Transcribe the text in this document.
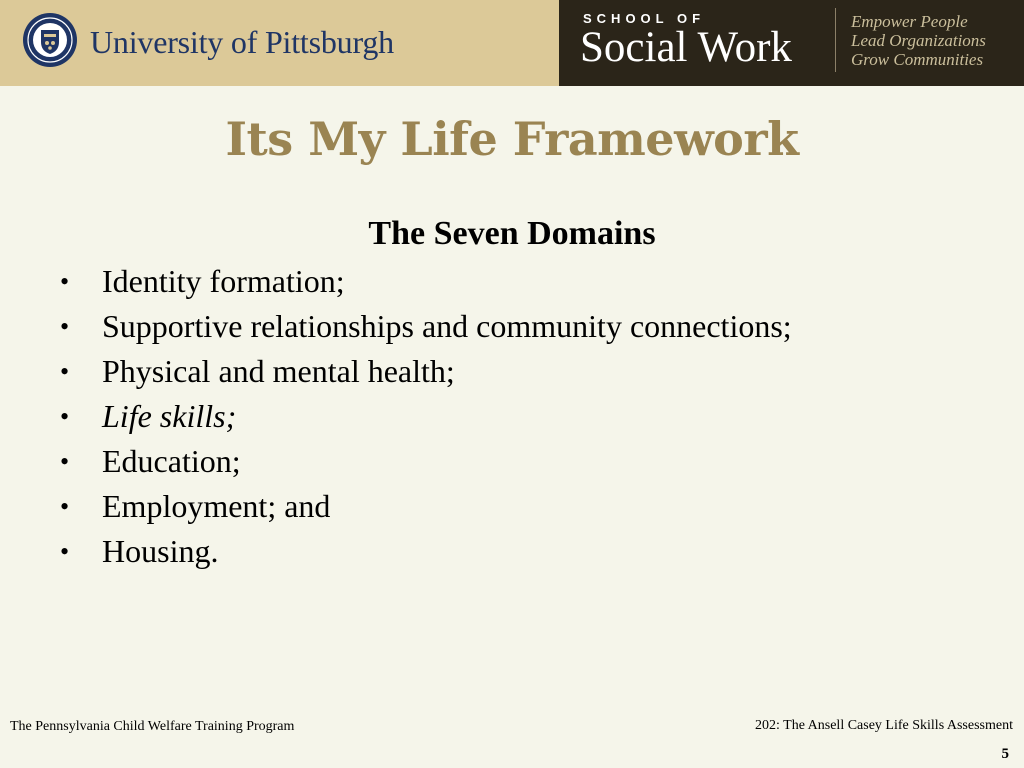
University of Pittsburgh
SCHOOL OF
Social Work
Empower People
Lead Organizations
Grow Communities
Its My Life Framework
The Seven Domains
• Identity formation;
• Supportive relationships and community connections;
• Physical and mental health;
• Life skills;
• Education;
• Employment; and
• Housing.
The Pennsylvania Child Welfare Training Program	202: The Ansell Casey Life Skills Assessment
5
